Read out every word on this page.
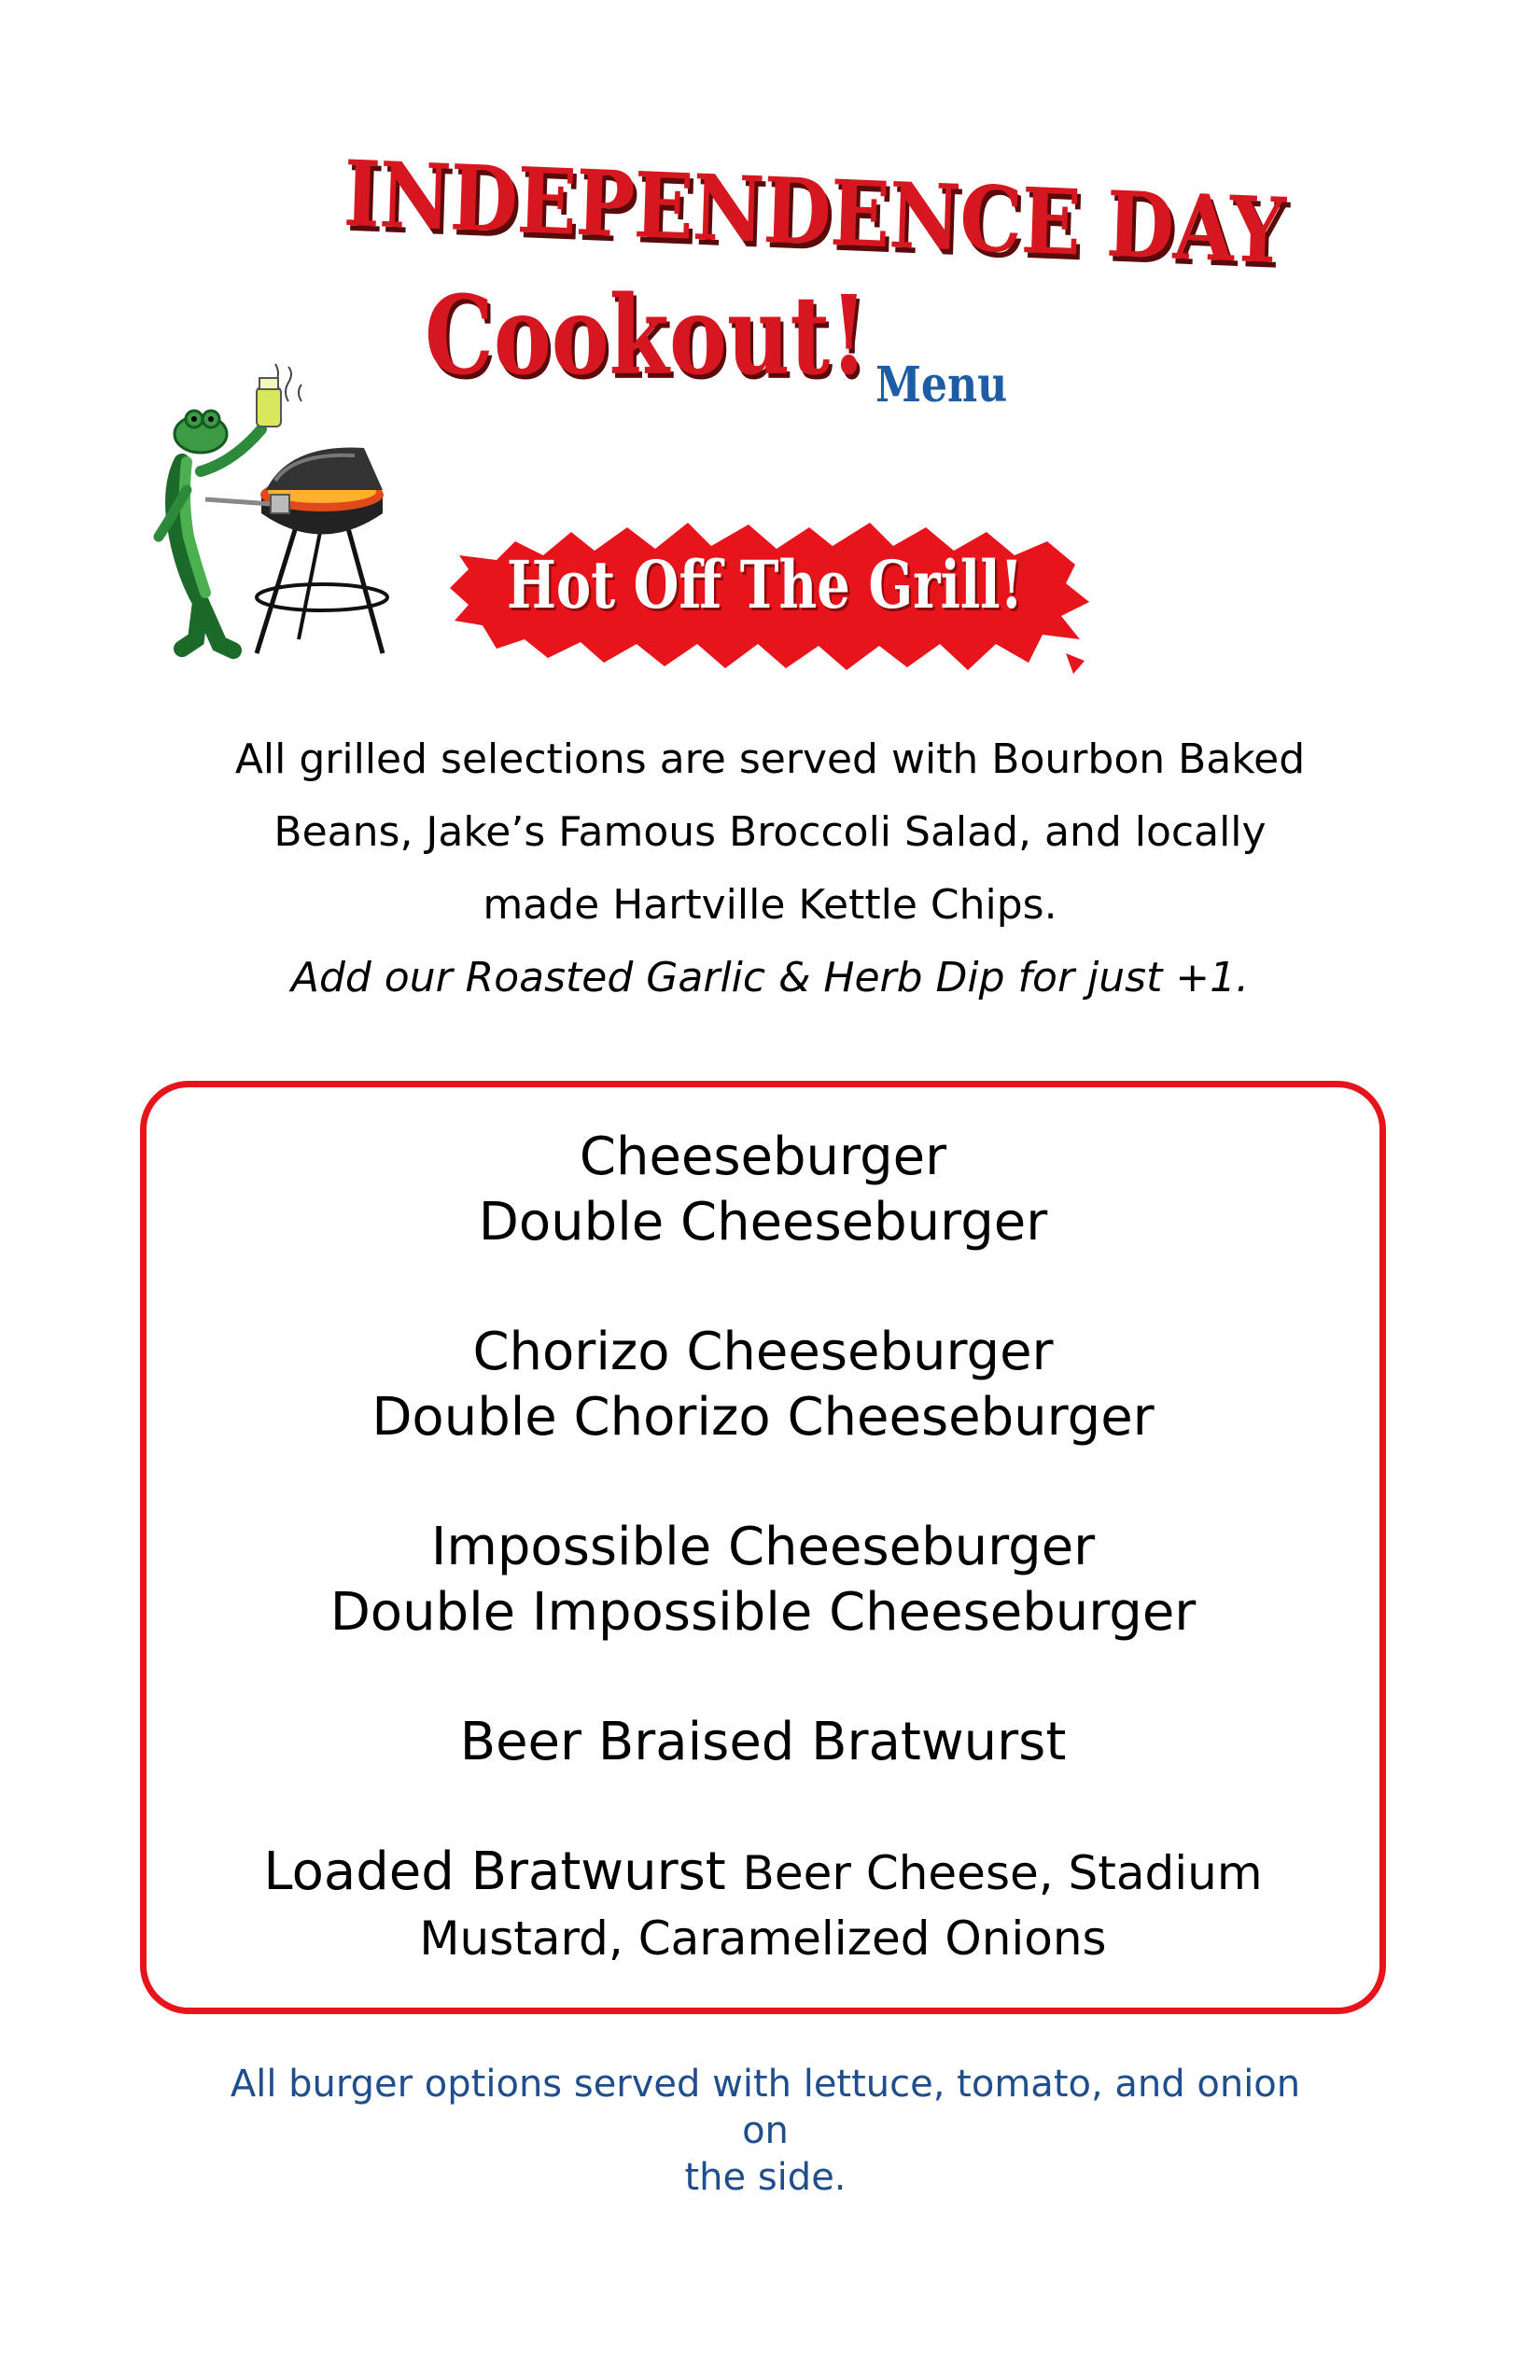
INDEPENDENCE DAY
Cookout! Menu
Hot Off The Grill!
All grilled selections are served with Bourbon Baked
Beans, Jake’s Famous Broccoli Salad, and locally
made Hartville Kettle Chips.
Add our Roasted Garlic & Herb Dip for just +1.
Cheeseburger
Double Cheeseburger
Chorizo Cheeseburger
Double Chorizo Cheeseburger
Impossible Cheeseburger
Double Impossible Cheeseburger
Beer Braised Bratwurst
Loaded Bratwurst Beer Cheese, Stadium
Mustard, Caramelized Onions
All burger options served with lettuce, tomato, and onion on
the side.
